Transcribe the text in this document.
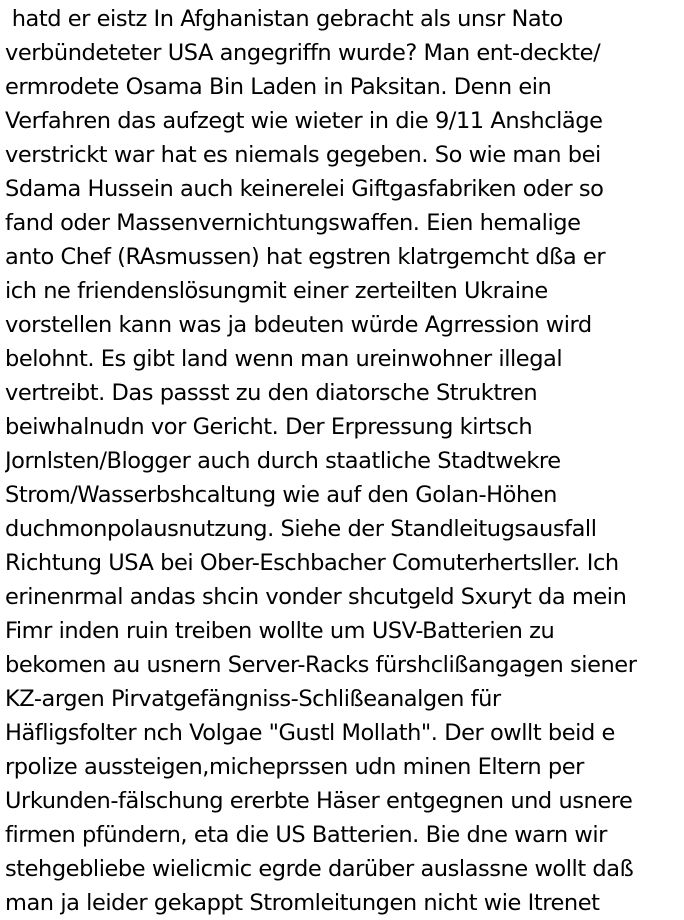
hatd er eistz In Afghanistan gebracht als unsr Nato
verbündeteter USA angegriffn wurde? Man ent-deckte/
ermrodete Osama Bin Laden in Paksitan. Denn ein
Verfahren das aufzegt wie wieter in die 9/11 Anshcläge
verstrickt war hat es niemals gegeben. So wie man bei
Sdama Hussein auch keinerelei Giftgasfabriken oder so
fand oder Massenvernichtungswaffen. Eien hemalige
anto Chef (RAsmussen) hat egstren klatrgemcht dßa er
ich ne friendenslösungmit einer zerteilten Ukraine
vorstellen kann was ja bdeuten würde Agrression wird
belohnt. Es gibt land wenn man ureinwohner illegal
vertreibt. Das passst zu den diatorsche Struktren
beiwhalnudn vor Gericht. Der Erpressung kirtsch
Jornlsten/Blogger auch durch staatliche Stadtwekre
Strom/Wasserbshcaltung wie auf den Golan-Höhen
duchmonpolausnutzung. Siehe der Standleitugsausfall
Richtung USA bei Ober-Eschbacher Comuterhertsller. Ich
erinenrmal andas shcin vonder shcutgeld Sxuryt da mein
Fimr inden ruin treiben wollte um USV-Batterien zu
bekomen au usnern Server-Racks fürshclißangagen siener
KZ-argen Pirvatgefängniss-Schlißeanalgen für
Häfligsfolter nch Volgae "Gustl Mollath". Der owllt beid e
rpolize aussteigen,micheprssen udn minen Eltern per
Urkunden-fälschung ererbte Häser entgegnen und usnere
firmen pfündern, eta die US Batterien. Bie dne warn wir
stehgebliebe wielicmic egrde darüber auslassne wollt daß
man ja leider gekappt Stromleitungen nicht wie Itrenet
